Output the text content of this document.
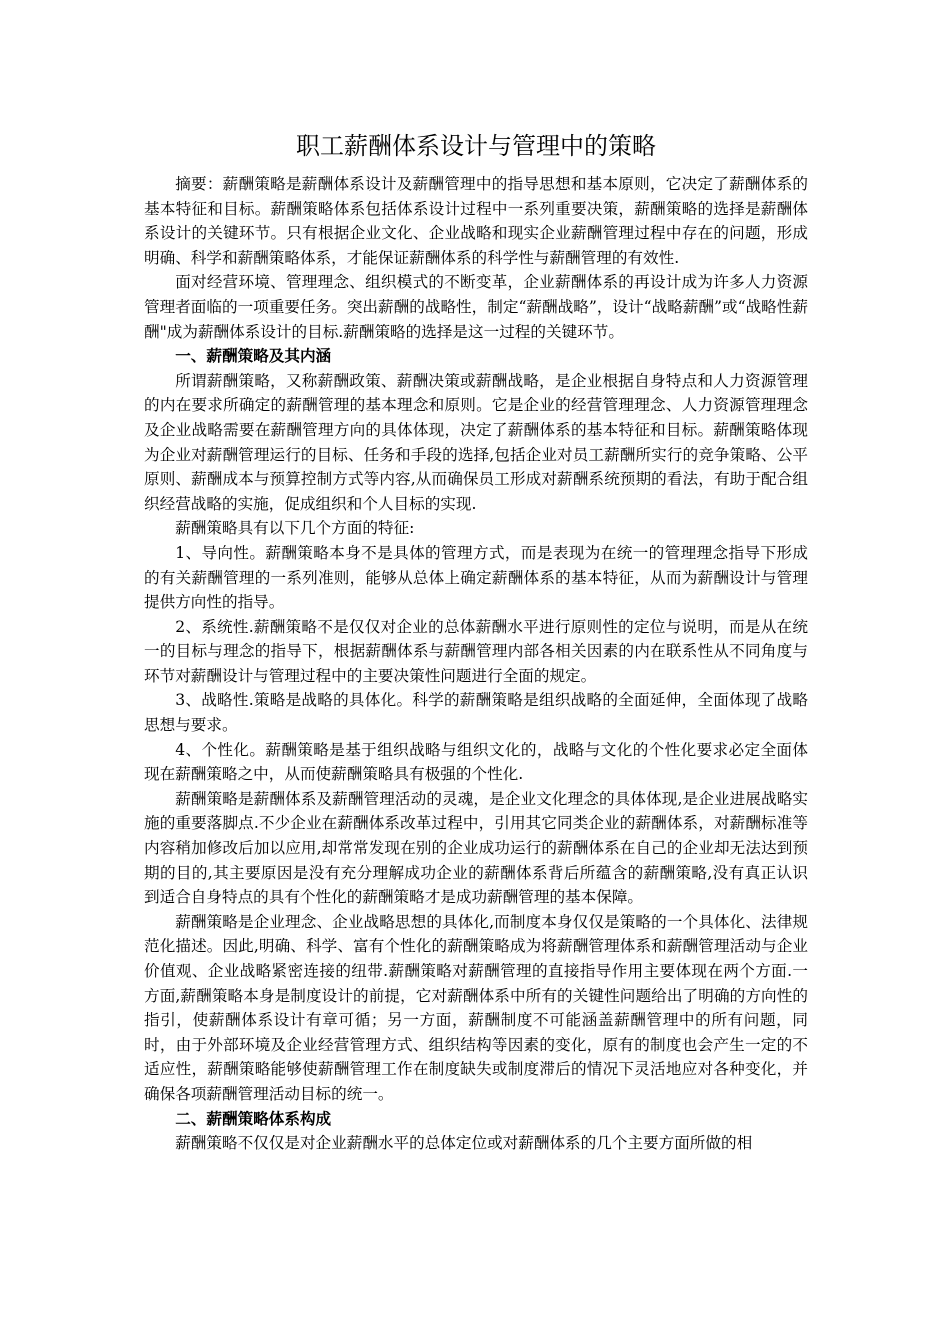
职工薪酬体系设计与管理中的策略

摘要：薪酬策略是薪酬体系设计及薪酬管理中的指导思想和基本原则，它决定了薪酬体系的基本特征和目标。薪酬策略体系包括体系设计过程中一系列重要决策，薪酬策略的选择是薪酬体系设计的关键环节。只有根据企业文化、企业战略和现实企业薪酬管理过程中存在的问题，形成明确、科学和薪酬策略体系，才能保证薪酬体系的科学性与薪酬管理的有效性.

面对经营环境、管理理念、组织模式的不断变革，企业薪酬体系的再设计成为许多人力资源管理者面临的一项重要任务。突出薪酬的战略性，制定“薪酬战略”，设计“战略薪酬”或“战略性薪酬"成为薪酬体系设计的目标.薪酬策略的选择是这一过程的关键环节。

一、薪酬策略及其内涵

所谓薪酬策略，又称薪酬政策、薪酬决策或薪酬战略，是企业根据自身特点和人力资源管理的内在要求所确定的薪酬管理的基本理念和原则。它是企业的经营管理理念、人力资源管理理念及企业战略需要在薪酬管理方向的具体体现，决定了薪酬体系的基本特征和目标。薪酬策略体现为企业对薪酬管理运行的目标、任务和手段的选择,包括企业对员工薪酬所实行的竞争策略、公平原则、薪酬成本与预算控制方式等内容,从而确保员工形成对薪酬系统预期的看法，有助于配合组织经营战略的实施，促成组织和个人目标的实现.

薪酬策略具有以下几个方面的特征:

1、导向性。薪酬策略本身不是具体的管理方式，而是表现为在统一的管理理念指导下形成的有关薪酬管理的一系列准则，能够从总体上确定薪酬体系的基本特征，从而为薪酬设计与管理提供方向性的指导。

2、系统性.薪酬策略不是仅仅对企业的总体薪酬水平进行原则性的定位与说明，而是从在统一的目标与理念的指导下，根据薪酬体系与薪酬管理内部各相关因素的内在联系性从不同角度与环节对薪酬设计与管理过程中的主要决策性问题进行全面的规定。

3、战略性.策略是战略的具体化。科学的薪酬策略是组织战略的全面延伸，全面体现了战略思想与要求。

4、个性化。薪酬策略是基于组织战略与组织文化的，战略与文化的个性化要求必定全面体现在薪酬策略之中，从而使薪酬策略具有极强的个性化.

薪酬策略是薪酬体系及薪酬管理活动的灵魂，是企业文化理念的具体体现,是企业进展战略实施的重要落脚点.不少企业在薪酬体系改革过程中，引用其它同类企业的薪酬体系，对薪酬标准等内容稍加修改后加以应用,却常常发现在别的企业成功运行的薪酬体系在自己的企业却无法达到预期的目的,其主要原因是没有充分理解成功企业的薪酬体系背后所蕴含的薪酬策略,没有真正认识到适合自身特点的具有个性化的薪酬策略才是成功薪酬管理的基本保障。

薪酬策略是企业理念、企业战略思想的具体化,而制度本身仅仅是策略的一个具体化、法律规范化描述。因此,明确、科学、富有个性化的薪酬策略成为将薪酬管理体系和薪酬管理活动与企业价值观、企业战略紧密连接的纽带.薪酬策略对薪酬管理的直接指导作用主要体现在两个方面.一方面,薪酬策略本身是制度设计的前提，它对薪酬体系中所有的关键性问题给出了明确的方向性的指引，使薪酬体系设计有章可循；另一方面，薪酬制度不可能涵盖薪酬管理中的所有问题，同时，由于外部环境及企业经营管理方式、组织结构等因素的变化，原有的制度也会产生一定的不适应性，薪酬策略能够使薪酬管理工作在制度缺失或制度滞后的情况下灵活地应对各种变化，并确保各项薪酬管理活动目标的统一。

二、薪酬策略体系构成

薪酬策略不仅仅是对企业薪酬水平的总体定位或对薪酬体系的几个主要方面所做的相
